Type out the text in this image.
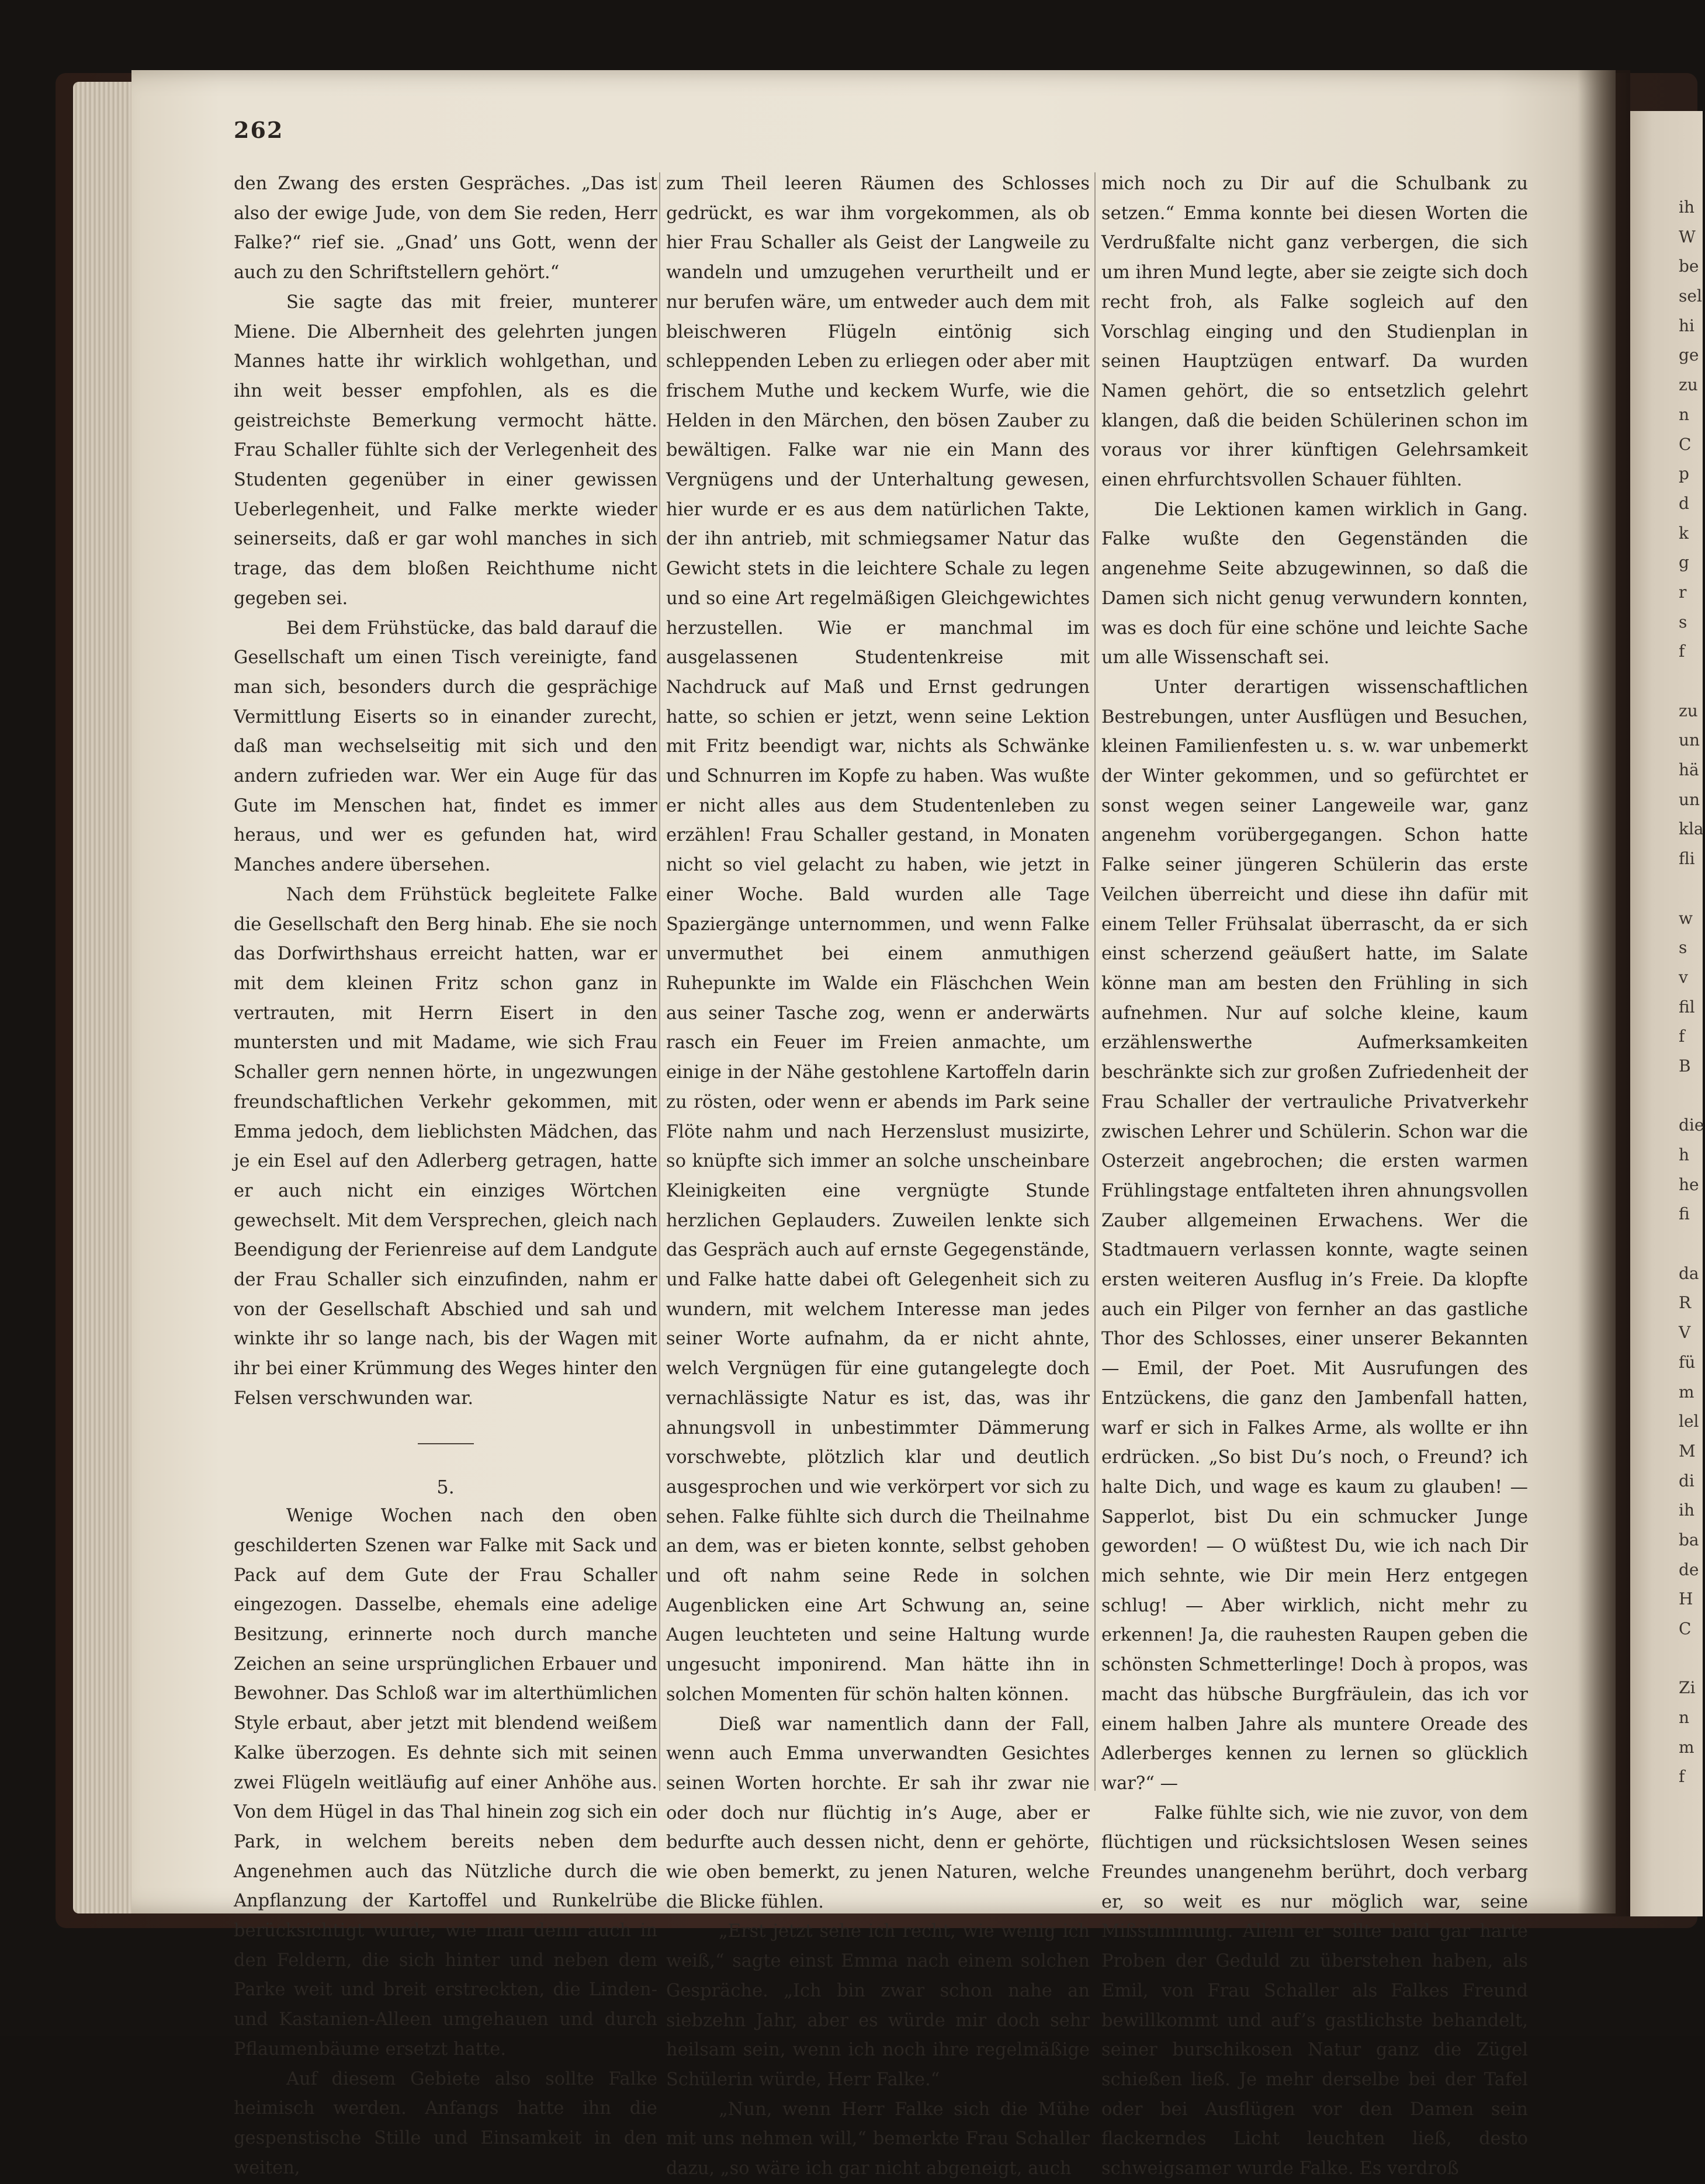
262

den Zwang des ersten Gespräches. „Das ist also der ewige Jude, von dem Sie reden, Herr Falke?“ rief sie. „Gnad’ uns Gott, wenn der auch zu den Schriftstellern gehört.“

Sie sagte das mit freier, munterer Miene. Die Albernheit des gelehrten jungen Mannes hatte ihr wirklich wohlgethan, und ihn weit besser empfohlen, als es die geistreichste Bemerkung vermocht hätte. Frau Schaller fühlte sich der Verlegenheit des Studenten gegenüber in einer gewissen Ueberlegenheit, und Falke merkte wieder seinerseits, daß er gar wohl manches in sich trage, das dem bloßen Reichthume nicht gegeben sei.

Bei dem Frühstücke, das bald darauf die Gesellschaft um einen Tisch vereinigte, fand man sich, besonders durch die gesprächige Vermittlung Eiserts so in einander zurecht, daß man wechselseitig mit sich und den andern zufrieden war. Wer ein Auge für das Gute im Menschen hat, findet es immer heraus, und wer es gefunden hat, wird Manches andere übersehen.

Nach dem Frühstück begleitete Falke die Gesellschaft den Berg hinab. Ehe sie noch das Dorfwirthshaus erreicht hatten, war er mit dem kleinen Fritz schon ganz in vertrauten, mit Herrn Eisert in den muntersten und mit Madame, wie sich Frau Schaller gern nennen hörte, in ungezwungen freundschaftlichen Verkehr gekommen, mit Emma jedoch, dem lieblichsten Mädchen, das je ein Esel auf den Adlerberg getragen, hatte er auch nicht ein einziges Wörtchen gewechselt. Mit dem Versprechen, gleich nach Beendigung der Ferienreise auf dem Landgute der Frau Schaller sich einzufinden, nahm er von der Gesellschaft Abschied und sah und winkte ihr so lange nach, bis der Wagen mit ihr bei einer Krümmung des Weges hinter den Felsen verschwunden war.

5.

Wenige Wochen nach den oben geschilderten Szenen war Falke mit Sack und Pack auf dem Gute der Frau Schaller eingezogen. Dasselbe, ehemals eine adelige Besitzung, erinnerte noch durch manche Zeichen an seine ursprünglichen Erbauer und Bewohner. Das Schloß war im alterthümlichen Style erbaut, aber jetzt mit blendend weißem Kalke überzogen. Es dehnte sich mit seinen zwei Flügeln weitläufig auf einer Anhöhe aus. Von dem Hügel in das Thal hinein zog sich ein Park, in welchem bereits neben dem Angenehmen auch das Nützliche durch die Anpflanzung der Kartoffel und Runkelrübe berücksichtigt wurde, wie man denn auch in den Feldern, die sich hinter und neben dem Parke weit und breit erstreckten, die Linden- und Kastanien-Alleen umgehauen und durch Pflaumenbäume ersetzt hatte.

Auf diesem Gebiete also sollte Falke heimisch werden. Anfangs hatte ihn die gespenstische Stille und Einsamkeit in den weiten,

zum Theil leeren Räumen des Schlosses gedrückt, es war ihm vorgekommen, als ob hier Frau Schaller als Geist der Langweile zu wandeln und umzugehen verurtheilt und er nur berufen wäre, um entweder auch dem mit bleischweren Flügeln eintönig sich schleppenden Leben zu erliegen oder aber mit frischem Muthe und keckem Wurfe, wie die Helden in den Märchen, den bösen Zauber zu bewältigen. Falke war nie ein Mann des Vergnügens und der Unterhaltung gewesen, hier wurde er es aus dem natürlichen Takte, der ihn antrieb, mit schmiegsamer Natur das Gewicht stets in die leichtere Schale zu legen und so eine Art regelmäßigen Gleichgewichtes herzustellen. Wie er manchmal im ausgelassenen Studentenkreise mit Nachdruck auf Maß und Ernst gedrungen hatte, so schien er jetzt, wenn seine Lektion mit Fritz beendigt war, nichts als Schwänke und Schnurren im Kopfe zu haben. Was wußte er nicht alles aus dem Studentenleben zu erzählen! Frau Schaller gestand, in Monaten nicht so viel gelacht zu haben, wie jetzt in einer Woche. Bald wurden alle Tage Spaziergänge unternommen, und wenn Falke unvermuthet bei einem anmuthigen Ruhepunkte im Walde ein Fläschchen Wein aus seiner Tasche zog, wenn er anderwärts rasch ein Feuer im Freien anmachte, um einige in der Nähe gestohlene Kartoffeln darin zu rösten, oder wenn er abends im Park seine Flöte nahm und nach Herzenslust musizirte, so knüpfte sich immer an solche unscheinbare Kleinigkeiten eine vergnügte Stunde herzlichen Geplauders. Zuweilen lenkte sich das Gespräch auch auf ernste Gegegenstände, und Falke hatte dabei oft Gelegenheit sich zu wundern, mit welchem Interesse man jedes seiner Worte aufnahm, da er nicht ahnte, welch Vergnügen für eine gutangelegte doch vernachlässigte Natur es ist, das, was ihr ahnungsvoll in unbestimmter Dämmerung vorschwebte, plötzlich klar und deutlich ausgesprochen und wie verkörpert vor sich zu sehen. Falke fühlte sich durch die Theilnahme an dem, was er bieten konnte, selbst gehoben und oft nahm seine Rede in solchen Augenblicken eine Art Schwung an, seine Augen leuchteten und seine Haltung wurde ungesucht imponirend. Man hätte ihn in solchen Momenten für schön halten können.

Dieß war namentlich dann der Fall, wenn auch Emma unverwandten Gesichtes seinen Worten horchte. Er sah ihr zwar nie oder doch nur flüchtig in’s Auge, aber er bedurfte auch dessen nicht, denn er gehörte, wie oben bemerkt, zu jenen Naturen, welche die Blicke fühlen.

„Erst jetzt sehe ich recht, wie wenig ich weiß,“ sagte einst Emma nach einem solchen Gespräche. „Ich bin zwar schon nahe an siebzehn Jahr, aber es würde mir doch sehr heilsam sein, wenn ich noch ihre regelmäßige Schülerin würde, Herr Falke.“

„Nun, wenn Herr Falke sich die Mühe mit uns nehmen will,“ bemerkte Frau Schaller dazu, „so wäre ich gar nicht abgeneigt, auch

mich noch zu Dir auf die Schulbank zu setzen.“ Emma konnte bei diesen Worten die Verdrußfalte nicht ganz verbergen, die sich um ihren Mund legte, aber sie zeigte sich doch recht froh, als Falke sogleich auf den Vorschlag einging und den Studienplan in seinen Hauptzügen entwarf. Da wurden Namen gehört, die so entsetzlich gelehrt klangen, daß die beiden Schülerinen schon im voraus vor ihrer künftigen Gelehrsamkeit einen ehrfurchtsvollen Schauer fühlten.

Die Lektionen kamen wirklich in Gang. Falke wußte den Gegenständen die angenehme Seite abzugewinnen, so daß die Damen sich nicht genug verwundern konnten, was es doch für eine schöne und leichte Sache um alle Wissenschaft sei.

Unter derartigen wissenschaftlichen Bestrebungen, unter Ausflügen und Besuchen, kleinen Familienfesten u. s. w. war unbemerkt der Winter gekommen, und so gefürchtet er sonst wegen seiner Langeweile war, ganz angenehm vorübergegangen. Schon hatte Falke seiner jüngeren Schülerin das erste Veilchen überreicht und diese ihn dafür mit einem Teller Frühsalat überrascht, da er sich einst scherzend geäußert hatte, im Salate könne man am besten den Frühling in sich aufnehmen. Nur auf solche kleine, kaum erzählenswerthe Aufmerksamkeiten beschränkte sich zur großen Zufriedenheit der Frau Schaller der vertrauliche Privatverkehr zwischen Lehrer und Schülerin. Schon war die Osterzeit angebrochen; die ersten warmen Frühlingstage entfalteten ihren ahnungsvollen Zauber allgemeinen Erwachens. Wer die Stadtmauern verlassen konnte, wagte seinen ersten weiteren Ausflug in’s Freie. Da klopfte auch ein Pilger von fernher an das gastliche Thor des Schlosses, einer unserer Bekannten — Emil, der Poet. Mit Ausrufungen des Entzückens, die ganz den Jambenfall hatten, warf er sich in Falkes Arme, als wollte er ihn erdrücken. „So bist Du’s noch, o Freund? ich halte Dich, und wage es kaum zu glauben! — Sapperlot, bist Du ein schmucker Junge geworden! — O wüßtest Du, wie ich nach Dir mich sehnte, wie Dir mein Herz entgegen schlug! — Aber wirklich, nicht mehr zu erkennen! Ja, die rauhesten Raupen geben die schönsten Schmetterlinge! Doch à propos, was macht das hübsche Burgfräulein, das ich vor einem halben Jahre als muntere Oreade des Adlerberges kennen zu lernen so glücklich war?“ —

Falke fühlte sich, wie nie zuvor, von dem flüchtigen und rücksichtslosen Wesen seines Freundes unangenehm berührt, doch verbarg er, so weit es nur möglich war, seine Mißstimmung. Allein er sollte bald gar harte Proben der Geduld zu überstehen haben, als Emil, von Frau Schaller als Falkes Freund bewillkommt und auf’s gastlichste behandelt, seiner burschikosen Natur ganz die Zügel schießen ließ. Je mehr derselbe bei der Tafel oder bei Ausflügen vor den Damen sein flackerndes Licht leuchten ließ, desto schweigsamer wurde Falke. Es verdroß

ih
W
be
sel
hi
ge
zu
n
C
p
d
k
g
r
s
f
zu
un
hä
un
kla
fli
w
s
v
fil
f
B
die
h
he
fi
da
R
V
fü
m
lel
M
di
ih
ba
de
H
C
Zi
n
m
f
